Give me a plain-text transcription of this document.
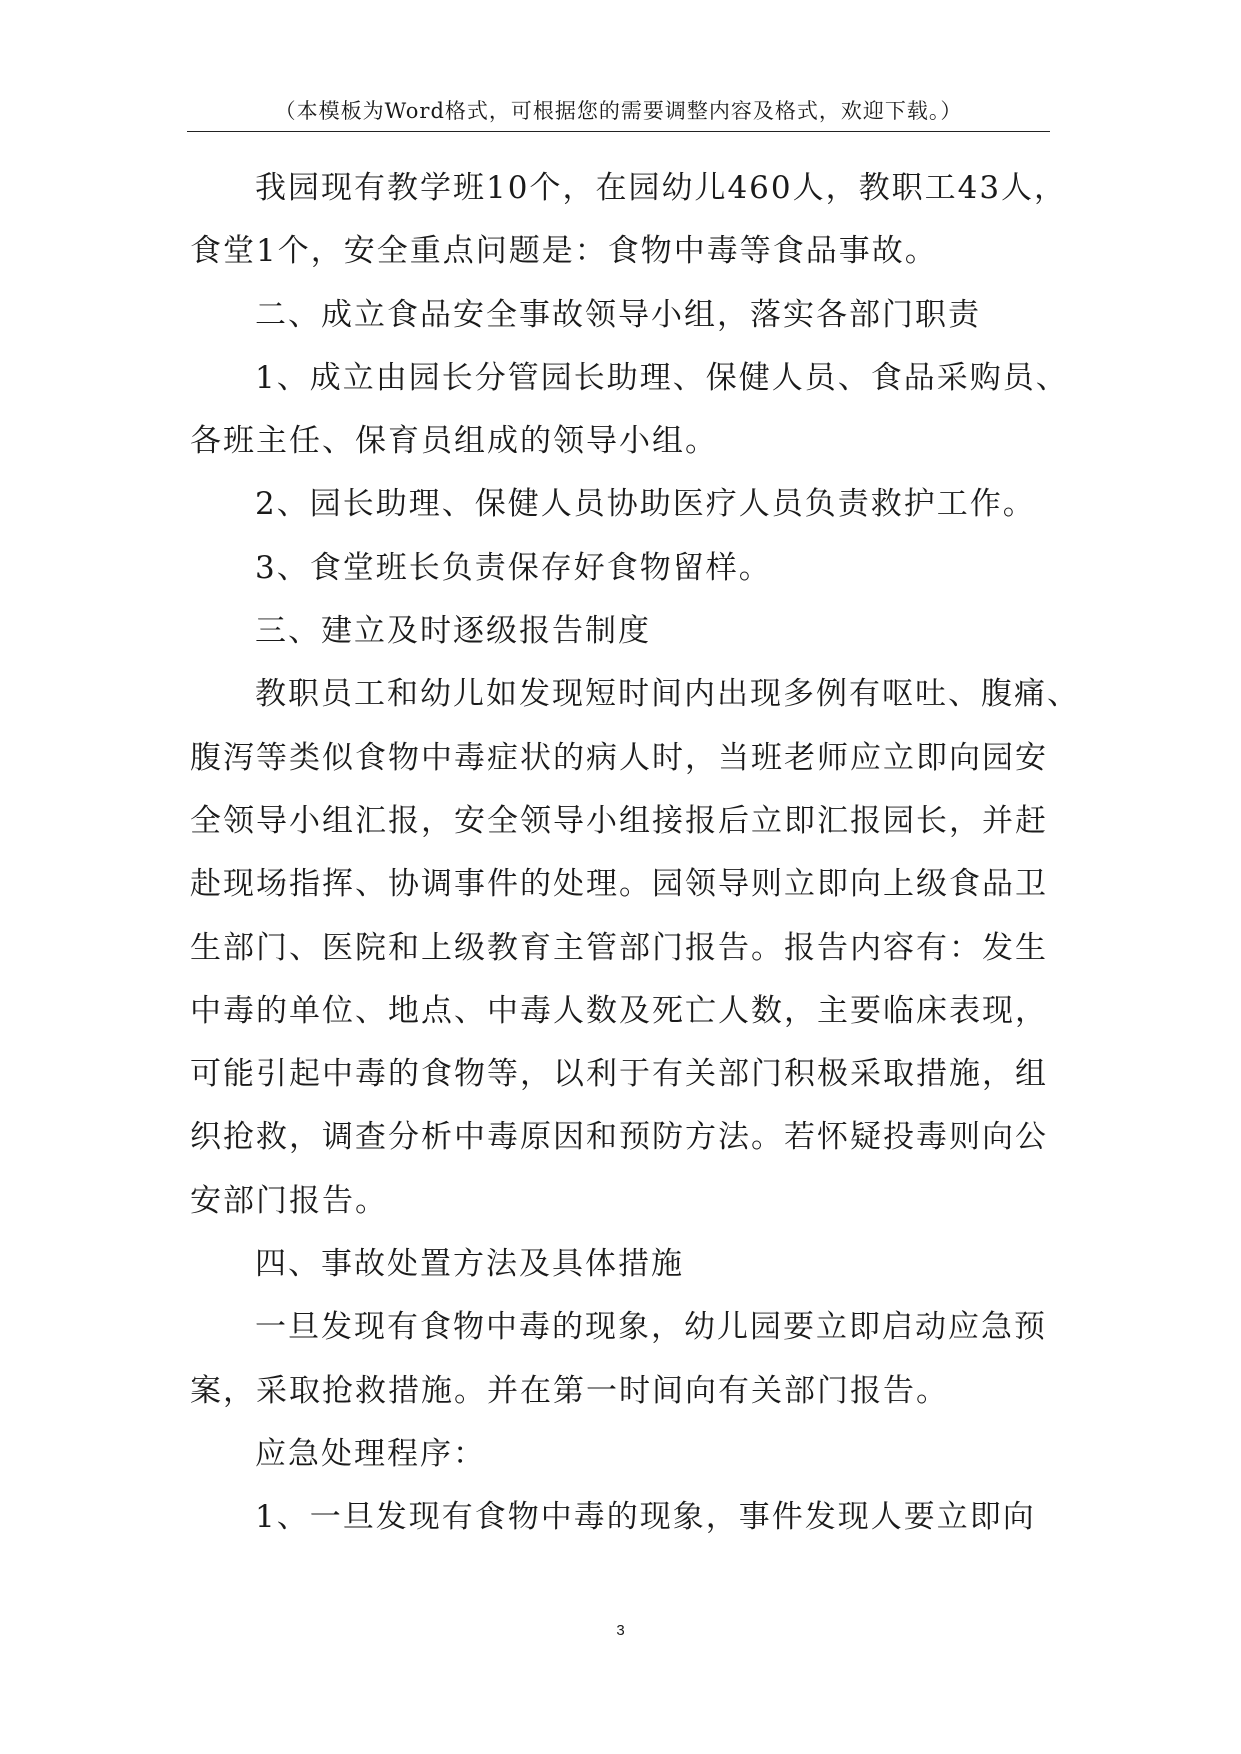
（本模板为Word格式，可根据您的需要调整内容及格式，欢迎下载。）
我园现有教学班10个，在园幼儿460人，教职工43人，
食堂1个，安全重点问题是：食物中毒等食品事故。
二、成立食品安全事故领导小组，落实各部门职责
1、成立由园长分管园长助理、保健人员、食品采购员、
各班主任、保育员组成的领导小组。
2、园长助理、保健人员协助医疗人员负责救护工作。
3、食堂班长负责保存好食物留样。
三、建立及时逐级报告制度
教职员工和幼儿如发现短时间内出现多例有呕吐、腹痛、
腹泻等类似食物中毒症状的病人时，当班老师应立即向园安
全领导小组汇报，安全领导小组接报后立即汇报园长，并赶
赴现场指挥、协调事件的处理。园领导则立即向上级食品卫
生部门、医院和上级教育主管部门报告。报告内容有：发生
中毒的单位、地点、中毒人数及死亡人数，主要临床表现，
可能引起中毒的食物等，以利于有关部门积极采取措施，组
织抢救，调查分析中毒原因和预防方法。若怀疑投毒则向公
安部门报告。
四、事故处置方法及具体措施
一旦发现有食物中毒的现象，幼儿园要立即启动应急预
案，采取抢救措施。并在第一时间向有关部门报告。
应急处理程序：
1、一旦发现有食物中毒的现象，事件发现人要立即向
3
